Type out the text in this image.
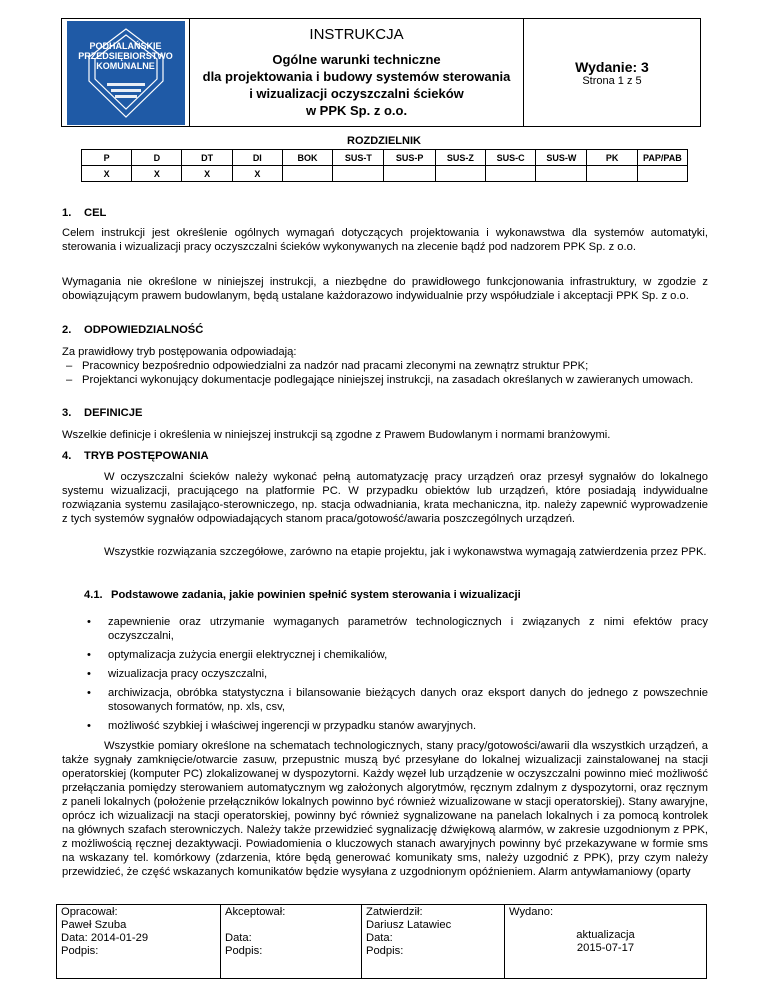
PODHALAŃSKIE
PRZEDSIĘBIORSTWO
KOMUNALNE

INSTRUKCJA
Ogólne warunki techniczne
dla projektowania i budowy systemów sterowania
i wizualizacji oczyszczalni ścieków
w PPK Sp. z o.o.

Wydanie: 3
Strona 1 z 5
ROZDZIELNIK
P	D	DT	DI	BOK	SUS-T	SUS-P	SUS-Z	SUS-C	SUS-W	PK	PAP/PAB
X	X	X	X								
1. CEL
Celem instrukcji jest określenie ogólnych wymagań dotyczących projektowania i wykonawstwa dla systemów automatyki, sterowania i wizualizacji pracy oczyszczalni ścieków wykonywanych na zlecenie bądź pod nadzorem PPK Sp. z o.o.
Wymagania nie określone w niniejszej instrukcji, a niezbędne do prawidłowego funkcjonowania infrastruktury, w zgodzie z obowiązującym prawem budowlanym, będą ustalane każdorazowo indywidualnie przy współudziale i akceptacji PPK Sp. z o.o.
2. ODPOWIEDZIALNOŚĆ
Za prawidłowy tryb postępowania odpowiadają:
– Pracownicy bezpośrednio odpowiedzialni za nadzór nad pracami zleconymi na zewnątrz struktur PPK;
– Projektanci wykonujący dokumentacje podlegające niniejszej instrukcji, na zasadach określanych w zawieranych umowach.
3. DEFINICJE
Wszelkie definicje i określenia w niniejszej instrukcji są zgodne z Prawem Budowlanym i normami branżowymi.
4. TRYB POSTĘPOWANIA
W oczyszczalni ścieków należy wykonać pełną automatyzację pracy urządzeń oraz przesył sygnałów do lokalnego systemu wizualizacji, pracującego na platformie PC. W przypadku obiektów lub urządzeń, które posiadają indywidualne rozwiązania systemu zasilająco-sterowniczego, np. stacja odwadniania, krata mechaniczna, itp. należy zapewnić wyprowadzenie z tych systemów sygnałów odpowiadających stanom praca/gotowość/awaria poszczególnych urządzeń.
Wszystkie rozwiązania szczegółowe, zarówno na etapie projektu, jak i wykonawstwa wymagają zatwierdzenia przez PPK.
4.1. Podstawowe zadania, jakie powinien spełnić system sterowania i wizualizacji
• zapewnienie oraz utrzymanie wymaganych parametrów technologicznych i związanych z nimi efektów pracy oczyszczalni,
• optymalizacja zużycia energii elektrycznej i chemikaliów,
• wizualizacja pracy oczyszczalni,
• archiwizacja, obróbka statystyczna i bilansowanie bieżących danych oraz eksport danych do jednego z powszechnie stosowanych formatów, np. xls, csv,
• możliwość szybkiej i właściwej ingerencji w przypadku stanów awaryjnych.
Wszystkie pomiary określone na schematach technologicznych, stany pracy/gotowości/awarii dla wszystkich urządzeń, a także sygnały zamknięcie/otwarcie zasuw, przepustnic muszą być przesyłane do lokalnej wizualizacji zainstalowanej na stacji operatorskiej (komputer PC) zlokalizowanej w dyspozytorni. Każdy węzeł lub urządzenie w oczyszczalni powinno mieć możliwość przełączania pomiędzy sterowaniem automatycznym wg założonych algorytmów, ręcznym zdalnym z dyspozytorni, oraz ręcznym z paneli lokalnych (położenie przełączników lokalnych powinno być również wizualizowane w stacji operatorskiej). Stany awaryjne, oprócz ich wizualizacji na stacji operatorskiej, powinny być również sygnalizowane na panelach lokalnych i za pomocą kontrolek na głównych szafach sterowniczych. Należy także przewidzieć sygnalizację dźwiękową alarmów, w zakresie uzgodnionym z PPK, z możliwością ręcznej dezaktywacji. Powiadomienia o kluczowych stanach awaryjnych powinny być przekazywane w formie sms na wskazany tel. komórkowy (zdarzenia, które będą generować komunikaty sms, należy uzgodnić z PPK), przy czym należy przewidzieć, że część wskazanych komunikatów będzie wysyłana z uzgodnionym opóźnieniem. Alarm antywłamaniowy (oparty
Opracował:
Paweł Szuba
Data: 2014-01-29
Podpis:

Akceptował:

Data:
Podpis:

Zatwierdził:
Dariusz Latawiec
Data:
Podpis:

Wydano:
aktualizacja
2015-07-17
